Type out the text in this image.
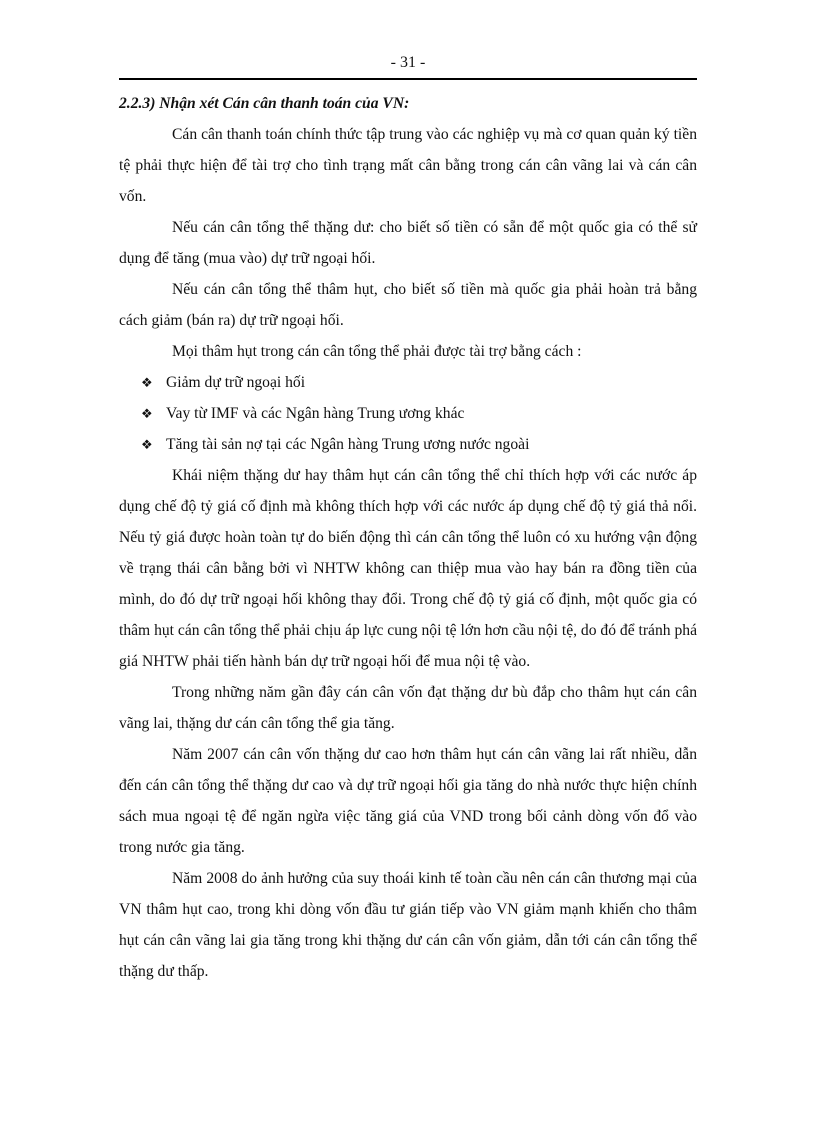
- 31 -

2.2.3) Nhận xét Cán cân thanh toán của VN:

Cán cân thanh toán chính thức tập trung vào các nghiệp vụ mà cơ quan quản ký tiền tệ phải thực hiện để tài trợ cho tình trạng mất cân bằng trong cán cân vãng lai và cán cân vốn.

Nếu cán cân tổng thể thặng dư: cho biết số tiền có sẵn để một quốc gia có thể sử dụng để tăng (mua vào) dự trữ ngoại hối.

Nếu cán cân tổng thể thâm hụt, cho biết số tiền mà quốc gia phải hoàn trả bằng cách giảm (bán ra) dự trữ ngoại hối.

Mọi thâm hụt trong cán cân tổng thể phải được tài trợ bằng cách :

❖ Giảm dự trữ ngoại hối
❖ Vay từ IMF và các Ngân hàng Trung ương khác
❖ Tăng tài sản nợ tại các Ngân hàng Trung ương nước ngoài

Khái niệm thặng dư hay thâm hụt cán cân tổng thể chỉ thích hợp với các nước áp dụng chế độ tỷ giá cố định mà không thích hợp với các nước áp dụng chế độ tỷ giá thả nổi. Nếu tỷ giá được hoàn toàn tự do biến động thì cán cân tổng thể luôn có xu hướng vận động về trạng thái cân bằng bởi vì NHTW không can thiệp mua vào hay bán ra đồng tiền của mình, do đó dự trữ ngoại hối không thay đổi. Trong chế độ tỷ giá cố định, một quốc gia có thâm hụt cán cân tổng thể phải chịu áp lực cung nội tệ lớn hơn cầu nội tệ, do đó để tránh phá giá NHTW phải tiến hành bán dự trữ ngoại hối để mua nội tệ vào.

Trong những năm gần đây cán cân vốn đạt thặng dư bù đắp cho thâm hụt cán cân vãng lai, thặng dư cán cân tổng thể gia tăng.

Năm 2007 cán cân vốn thặng dư cao hơn thâm hụt cán cân vãng lai rất nhiều, dẫn đến cán cân tổng thể thặng dư cao và dự trữ ngoại hối gia tăng do nhà nước thực hiện chính sách mua ngoại tệ để ngăn ngừa việc tăng giá của VND trong bối cảnh dòng vốn đổ vào trong nước gia tăng.

Năm 2008 do ảnh hưởng của suy thoái kinh tế toàn cầu nên cán cân thương mại của VN thâm hụt cao, trong khi dòng vốn đầu tư gián tiếp vào VN giảm mạnh khiến cho thâm hụt cán cân vãng lai gia tăng trong khi thặng dư cán cân vốn giảm, dẫn tới cán cân tổng thể thặng dư thấp.
